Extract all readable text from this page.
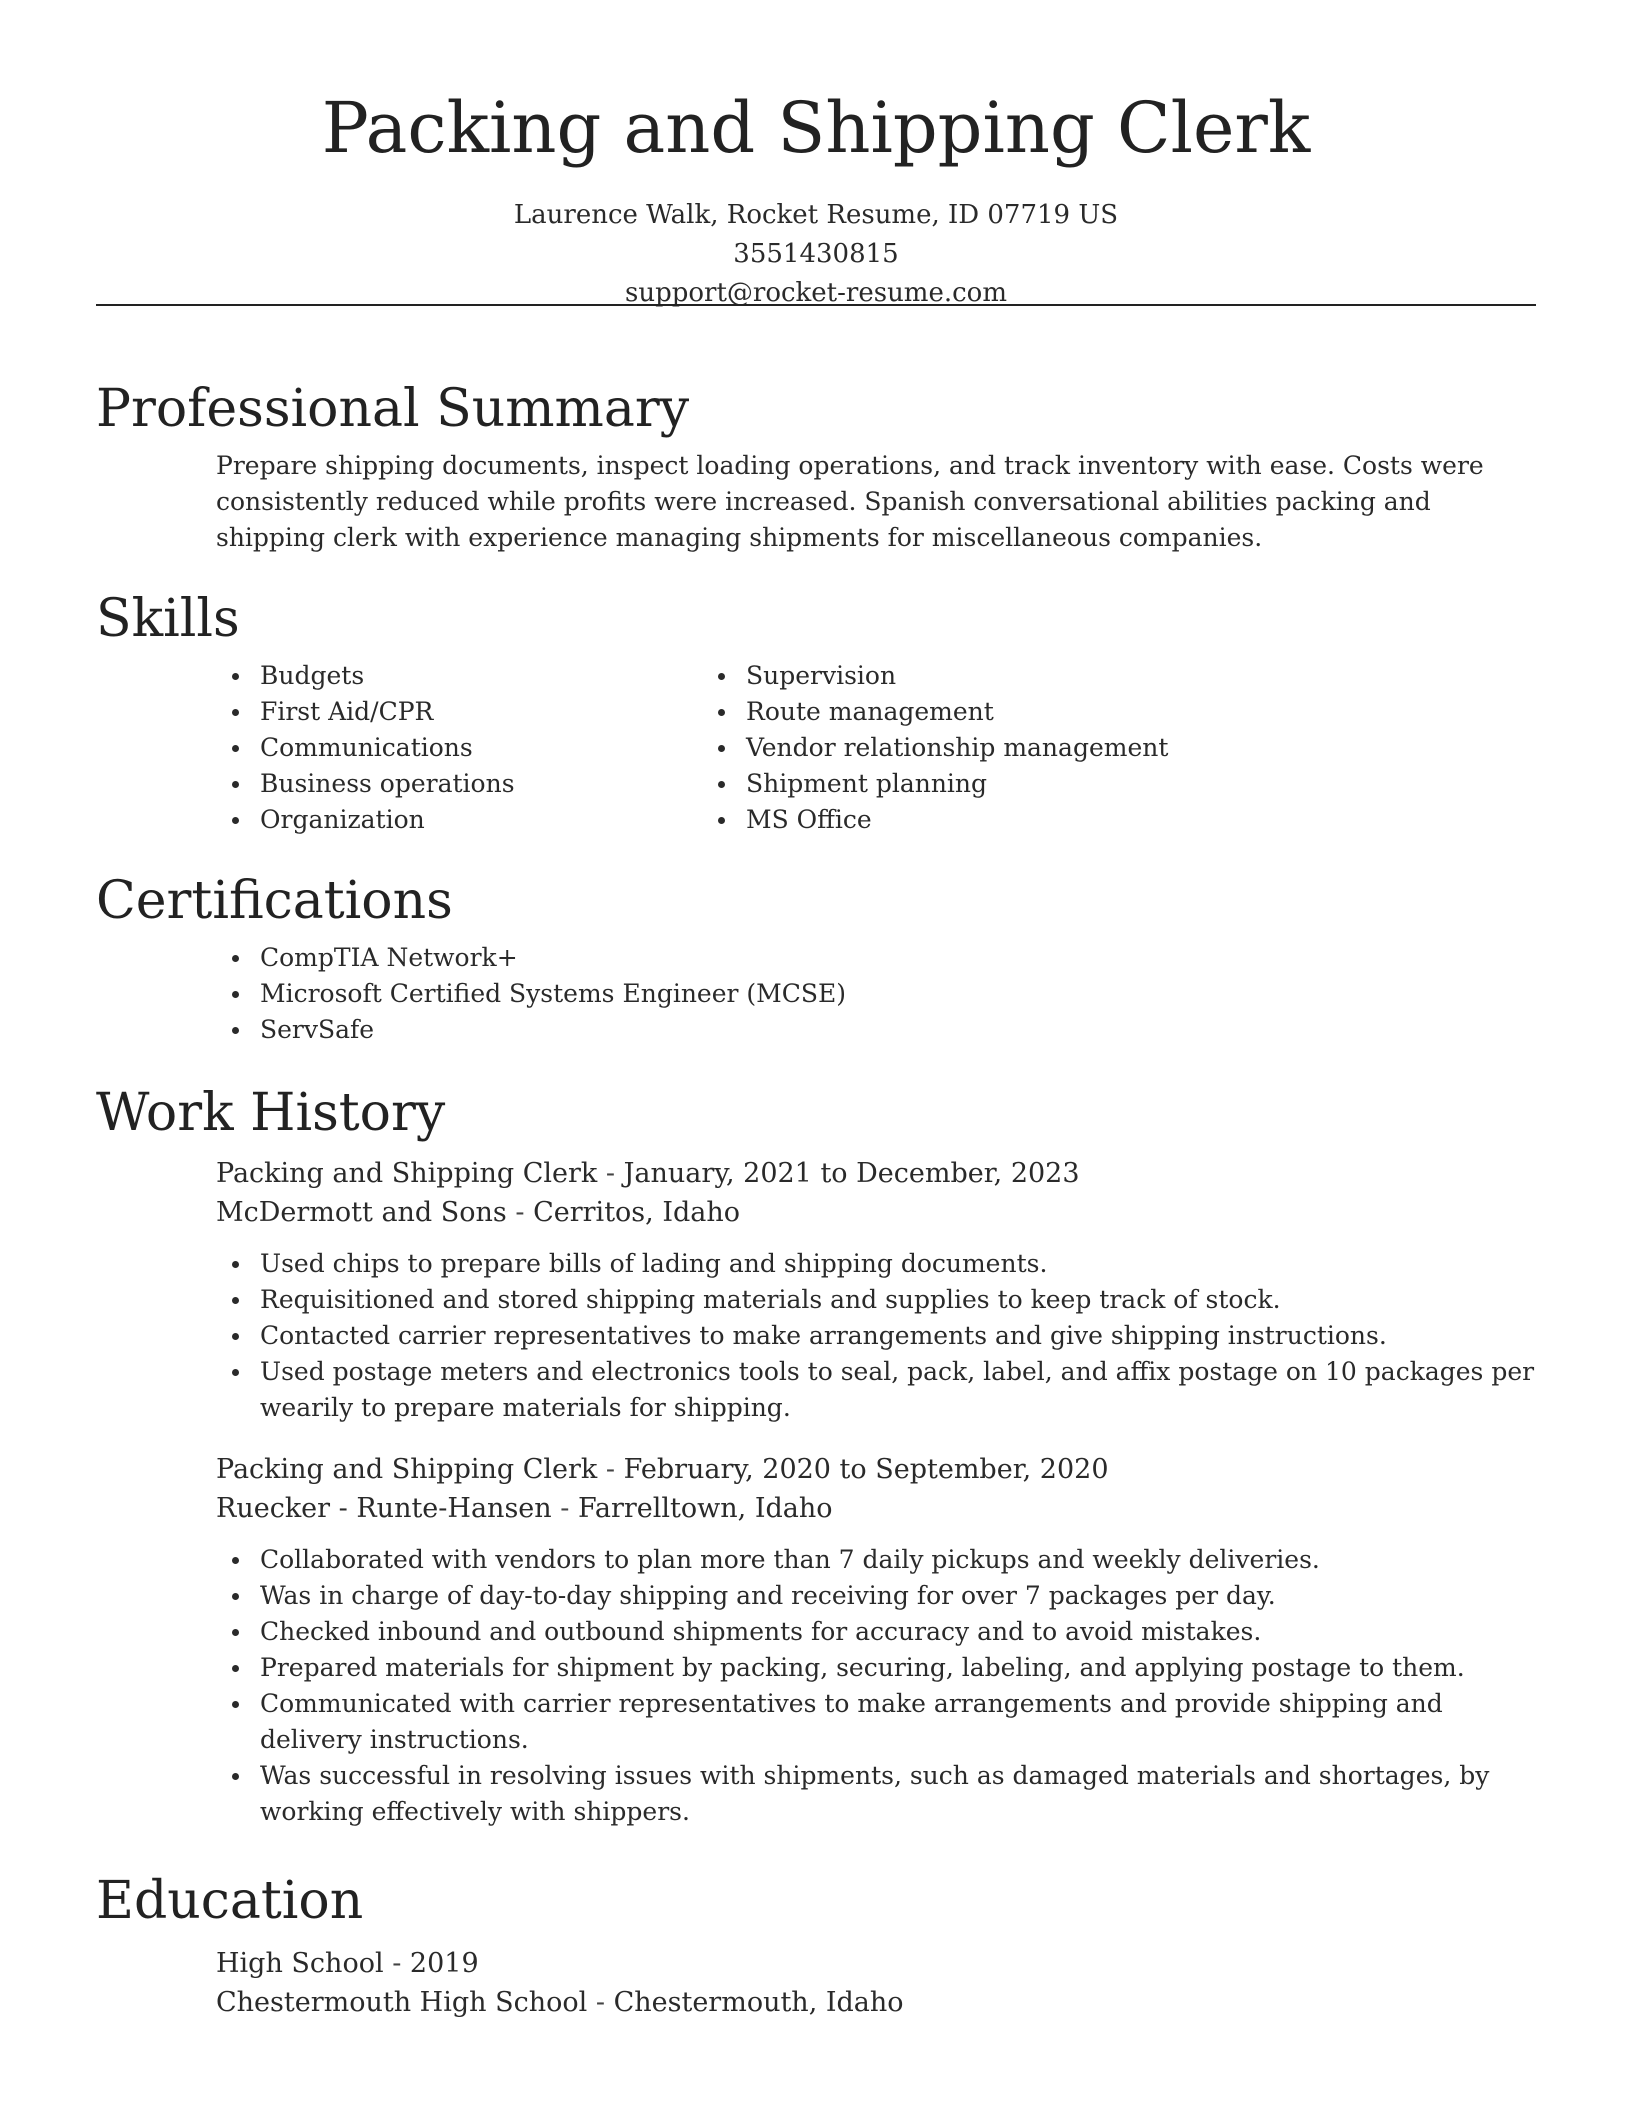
Packing and Shipping Clerk
Laurence Walk, Rocket Resume, ID 07719 US
3551430815
support@rocket-resume.com
Professional Summary

Prepare shipping documents, inspect loading operations, and track inventory with ease. Costs were consistently reduced while profits were increased. Spanish conversational abilities packing and shipping clerk with experience managing shipments for miscellaneous companies.

Skills
Budgets
First Aid/CPR
Communications
Business operations
Organization
Supervision
Route management
Vendor relationship management
Shipment planning
MS Office
Certifications
CompTIA Network+
Microsoft Certified Systems Engineer (MCSE)
ServSafe
Work History
Packing and Shipping Clerk - January, 2021 to December, 2023
McDermott and Sons - Cerritos, Idaho
Used chips to prepare bills of lading and shipping documents.
Requisitioned and stored shipping materials and supplies to keep track of stock.
Contacted carrier representatives to make arrangements and give shipping instructions.
Used postage meters and electronics tools to seal, pack, label, and affix postage on 10 packages per wearily to prepare materials for shipping.
Packing and Shipping Clerk - February, 2020 to September, 2020
Ruecker - Runte-Hansen - Farrelltown, Idaho
Collaborated with vendors to plan more than 7 daily pickups and weekly deliveries.
Was in charge of day-to-day shipping and receiving for over 7 packages per day.
Checked inbound and outbound shipments for accuracy and to avoid mistakes.
Prepared materials for shipment by packing, securing, labeling, and applying postage to them.
Communicated with carrier representatives to make arrangements and provide shipping and delivery instructions.
Was successful in resolving issues with shipments, such as damaged materials and shortages, by working effectively with shippers.
Education
High School - 2019
Chestermouth High School - Chestermouth, Idaho
